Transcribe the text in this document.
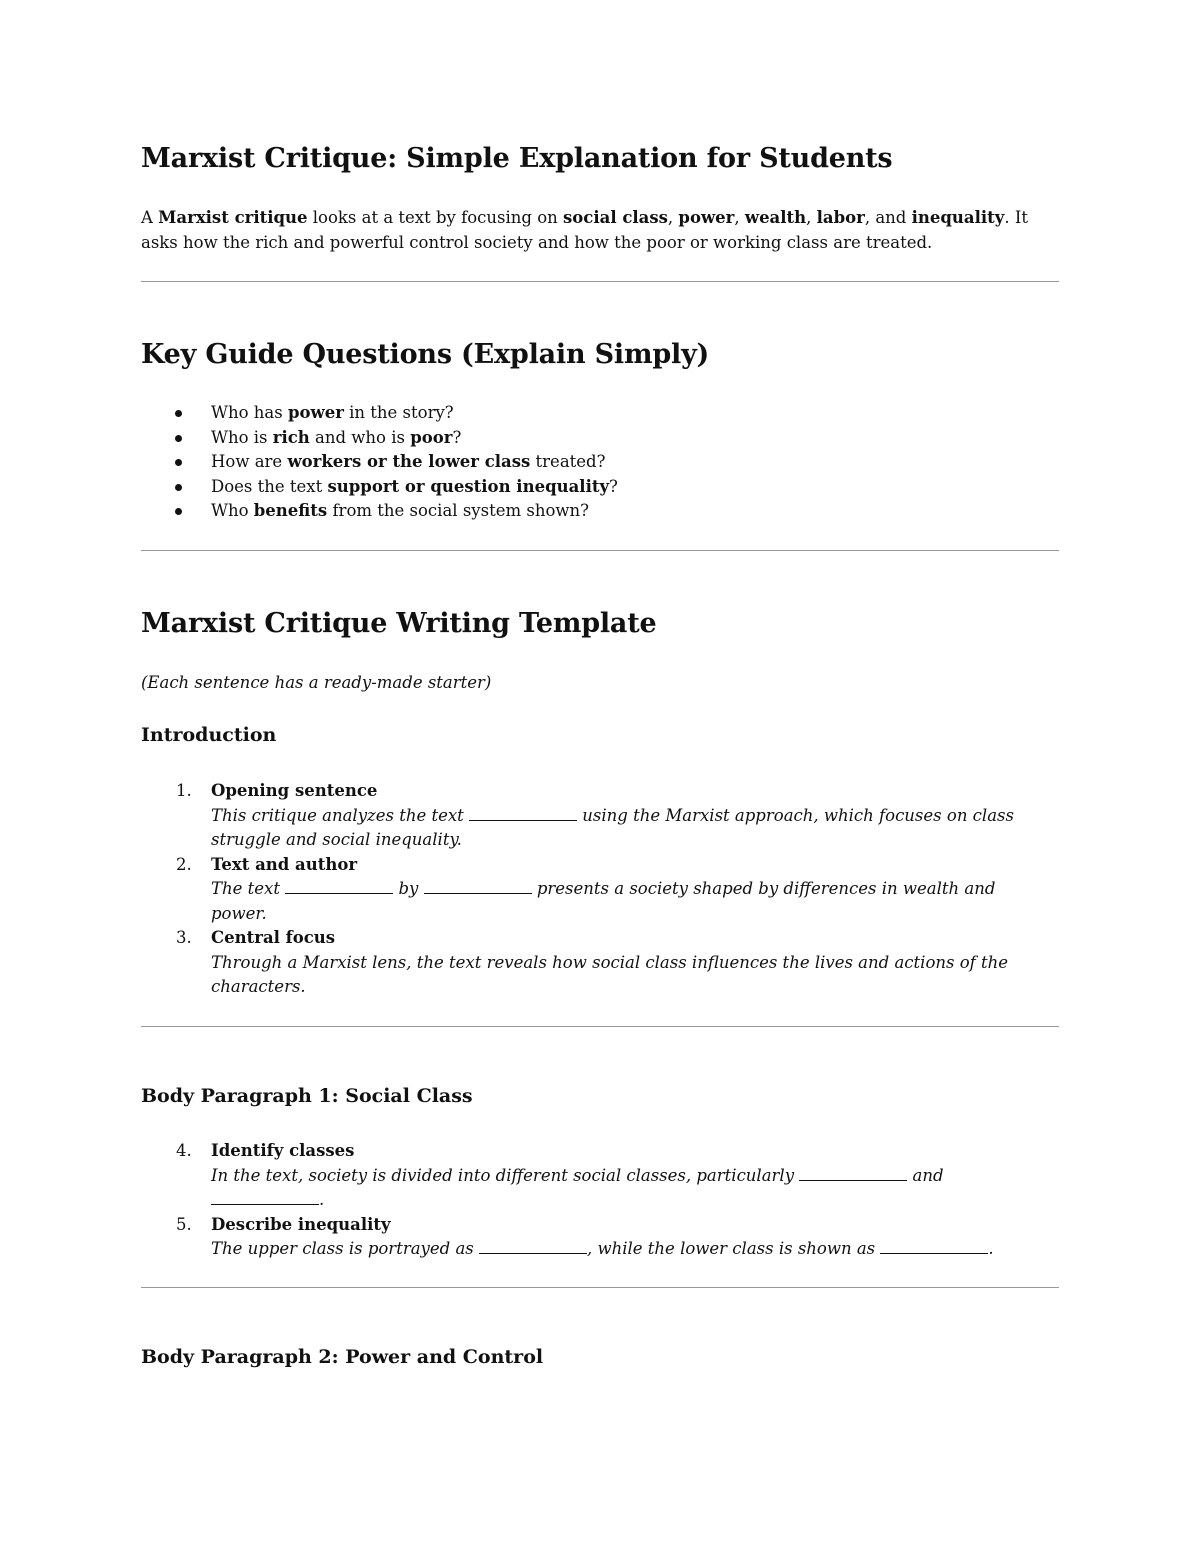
Marxist Critique: Simple Explanation for Students

A Marxist critique looks at a text by focusing on social class, power, wealth, labor, and inequality. It asks how the rich and powerful control society and how the poor or working class are treated.

Key Guide Questions (Explain Simply)
Who has power in the story?
Who is rich and who is poor?
How are workers or the lower class treated?
Does the text support or question inequality?
Who benefits from the social system shown?
Marxist Critique Writing Template

(Each sentence has a ready-made starter)

Introduction
1. Opening sentence
This critique analyzes the text	using the Marxist approach, which focuses on class struggle and social inequality.
2. Text and author
The text	by	presents a society shaped by differences in wealth and power.
3. Central focus
Through a Marxist lens, the text reveals how social class influences the lives and actions of the characters.
Body Paragraph 1: Social Class
4. Identify classes
In the text, society is divided into different social classes, particularly	and .
5. Describe inequality
The upper class is portrayed as	, while the lower class is shown as	.
Body Paragraph 2: Power and Control
